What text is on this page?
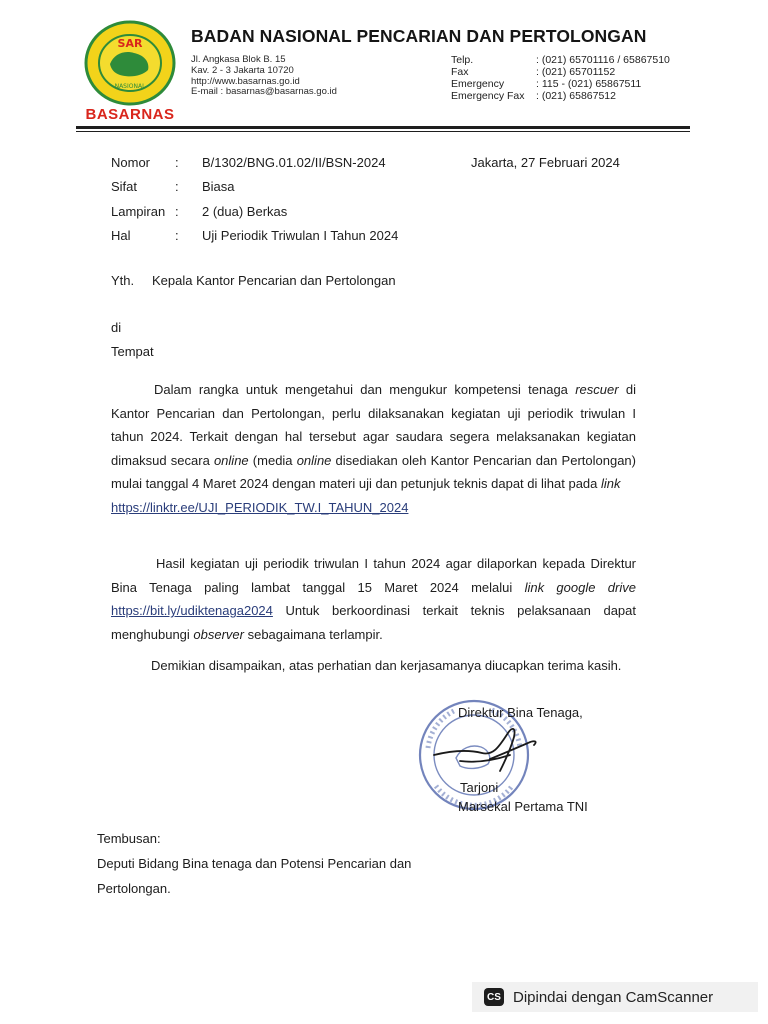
SAR
NASIONAL
BASARNAS
BADAN NASIONAL PENCARIAN DAN PERTOLONGAN
Jl. Angkasa Blok B. 15
Kav. 2 - 3 Jakarta 10720
http://www.basarnas.go.id
E-mail : basarnas@basarnas.go.id
Telp.	: (021) 65701116 / 65867510
Fax	: (021) 65701152
Emergency	: 115 - (021) 65867511
Emergency Fax	: (021) 65867512
Nomor	:	B/1302/BNG.01.02/II/BSN-2024
Sifat	:	Biasa
Lampiran :	2 (dua) Berkas
Hal	:	Uji Periodik Triwulan I Tahun 2024
Jakarta, 27 Februari 2024
Yth. Kepala Kantor Pencarian dan Pertolongan
di
Tempat
Dalam rangka untuk mengetahui dan mengukur kompetensi tenaga rescuer di Kantor Pencarian dan Pertolongan, perlu dilaksanakan kegiatan uji periodik triwulan I tahun 2024. Terkait dengan hal tersebut agar saudara segera melaksanakan kegiatan dimaksud secara online (media online disediakan oleh Kantor Pencarian dan Pertolongan) mulai tanggal 4 Maret 2024 dengan materi uji dan petunjuk teknis dapat di lihat pada link
https://linktr.ee/UJI_PERIODIK_TW.I_TAHUN_2024
Hasil kegiatan uji periodik triwulan I tahun 2024 agar dilaporkan kepada Direktur Bina Tenaga paling lambat tanggal 15 Maret 2024 melalui link google drive https://bit.ly/udiktenaga2024 Untuk berkoordinasi terkait teknis pelaksanaan dapat menghubungi observer sebagaimana terlampir.
Demikian disampaikan, atas perhatian dan kerjasamanya diucapkan terima kasih.
Direktur Bina Tenaga,
Tarjoni
Marsekal Pertama TNI
Tembusan:
Deputi Bidang Bina tenaga dan Potensi Pencarian dan
Pertolongan.
CS Dipindai dengan CamScanner
